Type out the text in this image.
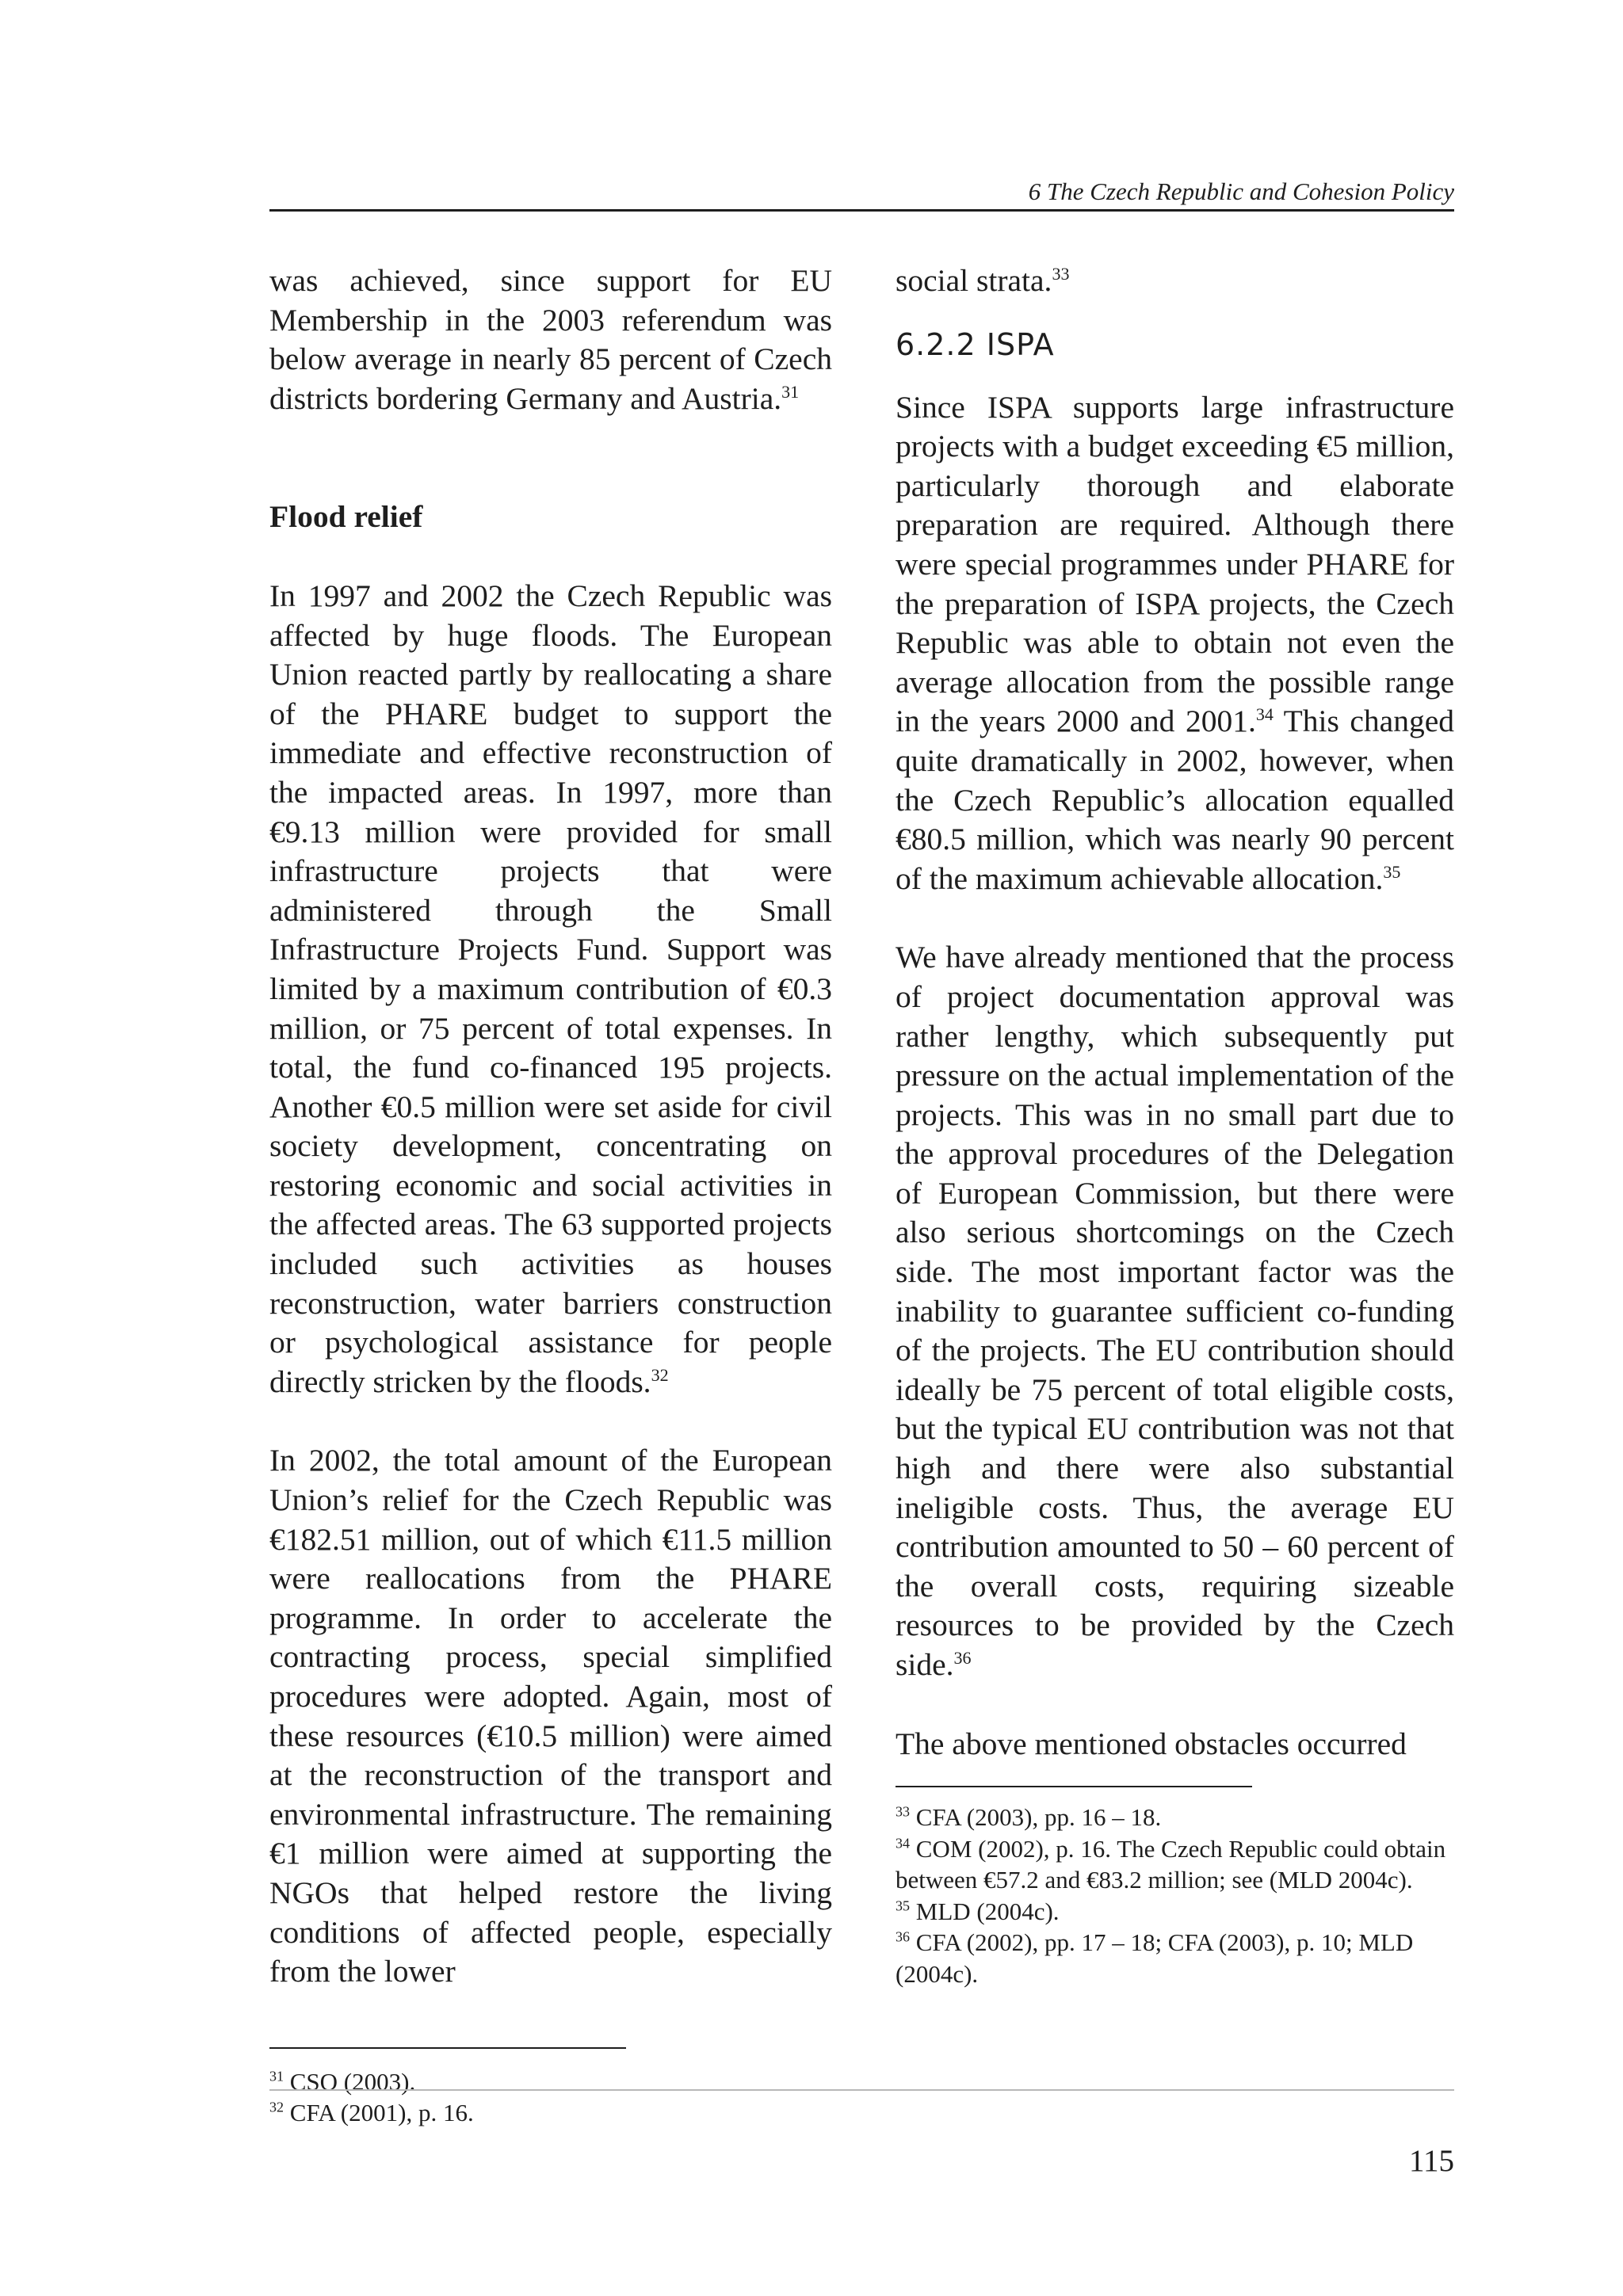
6 The Czech Republic and Cohesion Policy

was achieved, since support for EU Membership in the 2003 referendum was below average in nearly 85 percent of Czech districts bordering Germany and Austria.$^{31}$

Flood relief

In 1997 and 2002 the Czech Republic was affected by huge floods. The European Union reacted partly by reallocating a share of the PHARE budget to support the immediate and effective reconstruction of the impacted areas. In 1997, more than €9.13 million were provided for small infrastructure projects that were administered through the Small Infrastructure Projects Fund. Support was limited by a maximum contribution of €0.3 million, or 75 percent of total expenses. In total, the fund co-financed 195 projects. Another €0.5 million were set aside for civil society development, concentrating on restoring economic and social activities in the affected areas. The 63 supported projects included such activities as houses reconstruction, water barriers construction or psychological assistance for people directly stricken by the floods.$^{32}$

In 2002, the total amount of the European Union’s relief for the Czech Republic was €182.51 million, out of which €11.5 million were reallocations from the PHARE programme. In order to accelerate the contracting process, special simplified procedures were adopted. Again, most of these resources (€10.5 million) were aimed at the reconstruction of the transport and environmental infrastructure. The remaining €1 million were aimed at supporting the NGOs that helped restore the living conditions of affected people, especially from the lower

$^{31}$ CSO (2003).

$^{32}$ CFA (2001), p. 16.

social strata.$^{33}$

6.2.2 ISPA

Since ISPA supports large infrastructure projects with a budget exceeding €5 million, particularly thorough and elaborate preparation are required. Although there were special programmes under PHARE for the preparation of ISPA projects, the Czech Republic was able to obtain not even the average allocation from the possible range in the years 2000 and 2001.34 This changed quite dramatically in 2002, however, when the Czech Republic’s allocation equalled €80.5 million, which was nearly 90 percent of the maximum achievable allocation.$^{35}$

We have already mentioned that the process of project documentation approval was rather lengthy, which subsequently put pressure on the actual implementation of the projects. This was in no small part due to the approval procedures of the Delegation of European Commission, but there were also serious shortcomings on the Czech side. The most important factor was the inability to guarantee sufficient co-funding of the projects. The EU contribution should ideally be 75 percent of total eligible costs, but the typical EU contribution was not that high and there were also substantial ineligible costs. Thus, the average EU contribution amounted to 50 – 60 percent of the overall costs, requiring sizeable resources to be provided by the Czech side.$^{36}$

The above mentioned obstacles occurred

$^{33}$ CFA (2003), pp. 16 – 18.

$^{34}$ COM (2002), p. 16. The Czech Republic could obtain between €57.2 and €83.2 million; see (MLD 2004c).

$^{35}$ MLD (2004c).

$^{36}$ CFA (2002), pp. 17 – 18; CFA (2003), p. 10; MLD (2004c).

115
